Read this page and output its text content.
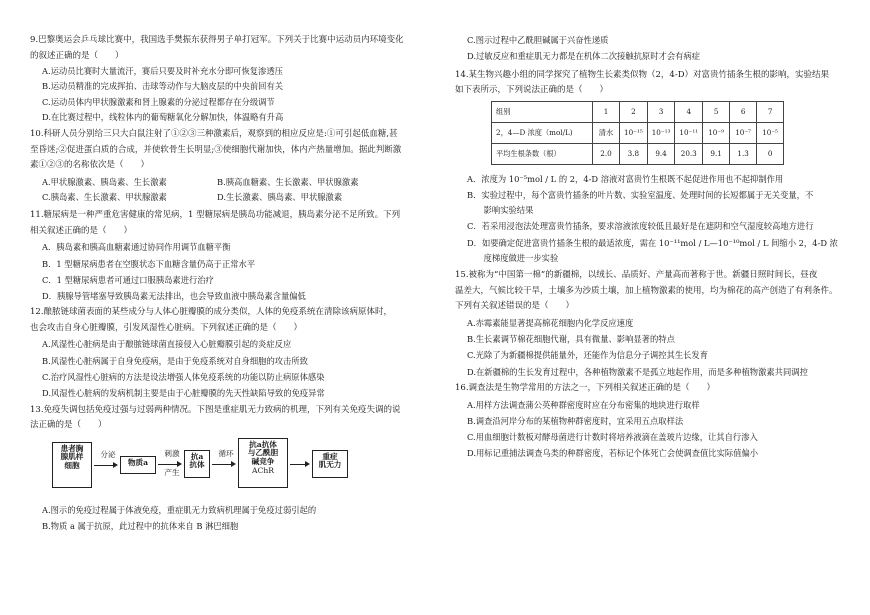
9.巴黎奥运会乒乓球比赛中，我国选手樊振东获得男子单打冠军。下列关于比赛中运动员内环境变化
的叙述正确的是（　　）
A.运动员比赛时大量流汗，赛后只要及时补充水分即可恢复渗透压
B.运动员精准的完成挥拍、击球等动作与大脑皮层的中央前回有关
C.运动员体内甲状腺激素和肾上腺素的分泌过程都存在分级调节
D.在比赛过程中，线粒体内的葡萄糖氧化分解加快，体温略有升高
10.科研人员分别给三只大白鼠注射了①②③三种激素后，观察到的相应反应是:①可引起低血糖,甚
至昏迷;②促进蛋白质的合成，并使软骨生长明显;③使细胞代谢加快，体内产热量增加。据此判断激
素①②③的名称依次是（　　）
A.甲状腺激素、胰岛素、生长激素	B.胰高血糖素、生长激素、甲状腺激素
C.胰岛素、生长激素、甲状腺激素	D.生长激素、胰岛素、甲状腺激素
11.糖尿病是一种严重危害健康的常见病，1 型糖尿病是胰岛功能减退，胰岛素分泌不足所致。下列
相关叙述正确的是（　　）
A．胰岛素和胰高血糖素通过协同作用调节血糖平衡
B．1 型糖尿病患者在空腹状态下血糖含量仍高于正常水平
C．1 型糖尿病患者可通过口服胰岛素进行治疗
D．胰腺导管堵塞导致胰岛素无法排出，也会导致血液中胰岛素含量偏低
12.酿脓链球菌表面的某些成分与人体心脏瓣膜的成分类似，人体的免疫系统在清除该病原体时，
也会攻击自身心脏瓣膜，引发风湿性心脏病。下列叙述正确的是（　　）
A.风湿性心脏病是由于酿脓链球菌直接侵入心脏瓣膜引起的炎症反应
B.风湿性心脏病属于自身免疫病，是由于免疫系统对自身细胞的攻击所致
C.治疗风湿性心脏病的方法是设法增强人体免疫系统的功能以防止病原体感染
D.风湿性心脏病的发病机制主要是由于心脏瓣膜的先天性缺陷导致的免疫异常
13.免疫失调包括免疫过强与过弱两种情况。下图是重症肌无力致病的机理，下列有关免疫失调的说
法正确的是（　　）
患者胸
腺肌样
细胞
分泌
物质a
刺激
产生
抗a
抗体
循环
抗a抗体
与乙酰胆
碱竞争
AChR
重症
肌无力
A.图示的免疫过程属于体液免疫，重症肌无力致病机理属于免疫过弱引起的
B.物质 a 属于抗原，此过程中的抗体来自 B 淋巴细胞
C.图示过程中乙酰胆碱属于兴奋性递质
D.过敏反应和重症肌无力都是在机体二次接触抗原时才会有病症
14.某生物兴趣小组的同学探究了植物生长素类似物（2，4-D）对富贵竹插条生根的影响，实验结果
如下表所示，下列说法正确的是（　　）
组别	1	2	3	4	5	6	7
2，4—D 浓度（mol/L)	清水	10⁻¹⁵	10⁻¹³	10⁻¹¹	10⁻⁹	10⁻⁷	10⁻⁵
平均生根条数（根）	2.0	3.8	9.4	20.3	9.1	1.3	0
A．浓度为 10⁻⁵mol / L 的 2，4-D 溶液对富贵竹生根既不起促进作用也不起抑制作用
B．实验过程中，每个富贵竹插条的叶片数、实验室温度、处理时间的长短都属于无关变量，不
　　影响实验结果
C．若采用浸泡法处理富贵竹插条，要求溶液浓度较低且最好是在遮阴和空气湿度较高地方进行
D．如要确定促进富贵竹插条生根的最适浓度，需在 10⁻¹¹mol / L—10⁻¹⁰mol / L 间缩小 2，4-D 浓
　　度梯度做进一步实验
15.被称为“中国第一棉”的新疆棉，以绒长、品质好、产量高而著称于世。新疆日照时间长，昼夜
温差大，气候比较干旱，土壤多为沙质土壤，加上植物激素的使用，均为棉花的高产创造了有利条件。
下列有关叙述错误的是（　　）
A.赤霉素能显著提高棉花细胞内化学反应速度
B.生长素调节棉花细胞代谢，具有微量、影响显著的特点
C.光除了为新疆棉提供能量外，还能作为信息分子调控其生长发育
D.在新疆棉的生长发育过程中，各种植物激素不是孤立地起作用，而是多种植物激素共同调控
16.调查法是生物学常用的方法之一，下列相关叙述正确的是（　　）
A.用样方法调查蒲公英种群密度时应在分布密集的地块进行取样
B.调查沿河岸分布的某植物种群密度时，宜采用五点取样法
C.用血细胞计数板对酵母菌进行计数时将培养液滴在盖玻片边缘，让其自行渗入
D.用标记重捕法调查乌类的种群密度，若标记个体死亡会使调查值比实际值偏小
